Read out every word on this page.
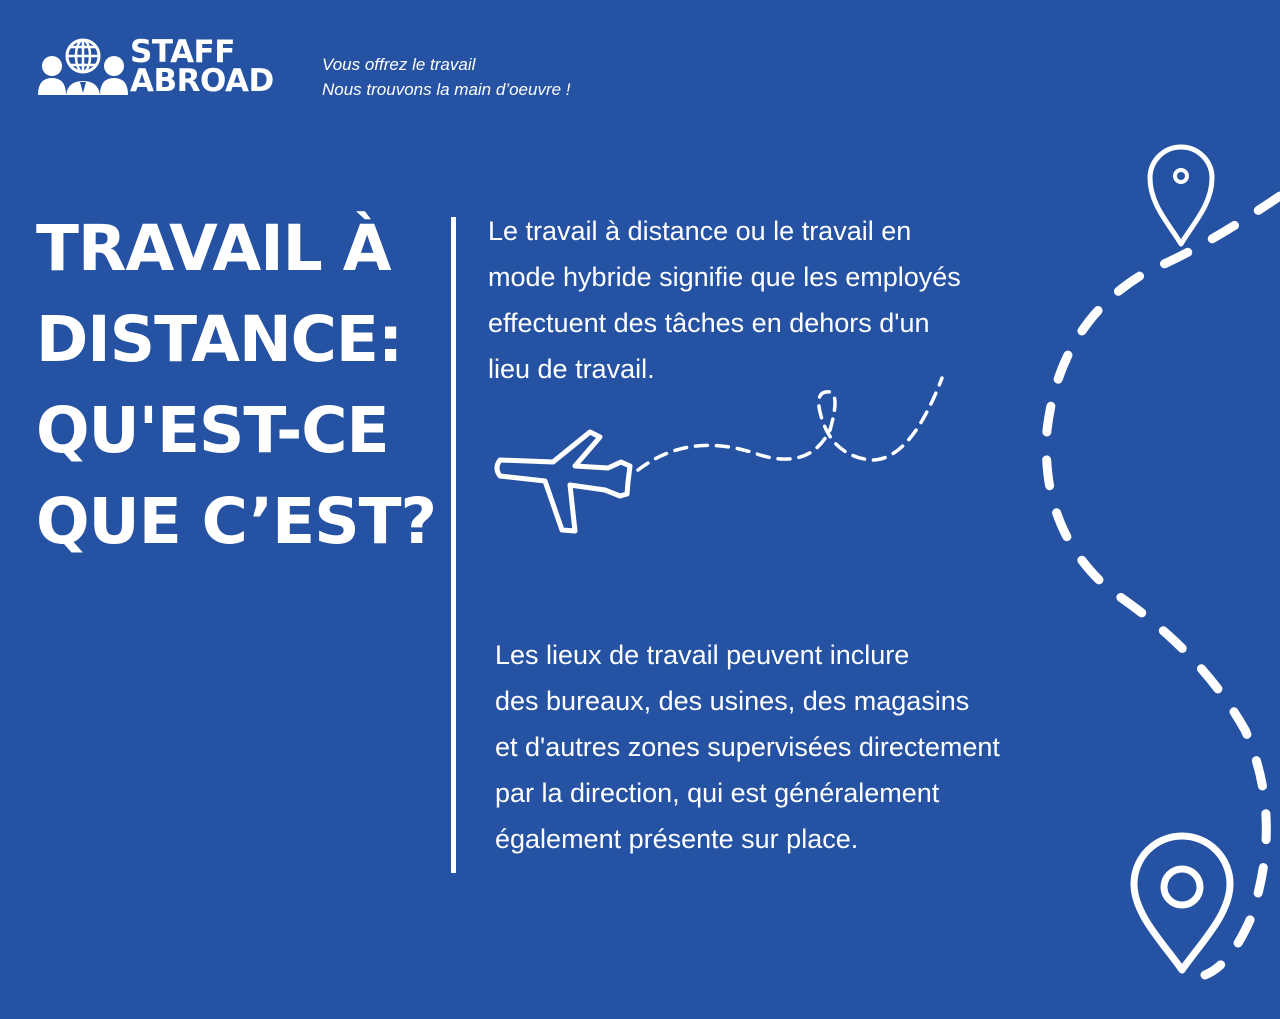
STAFF
ABROAD	Vous offrez le travail
Nous trouvons la main d’oeuvre !
TRAVAIL À
DISTANCE:
QU'EST-CE
QUE C’EST?
Le travail à distance ou le travail en
mode hybride signifie que les employés
effectuent des tâches en dehors d'un
lieu de travail.
Les lieux de travail peuvent inclure
des bureaux, des usines, des magasins
et d'autres zones supervisées directement
par la direction, qui est généralement
également présente sur place.
